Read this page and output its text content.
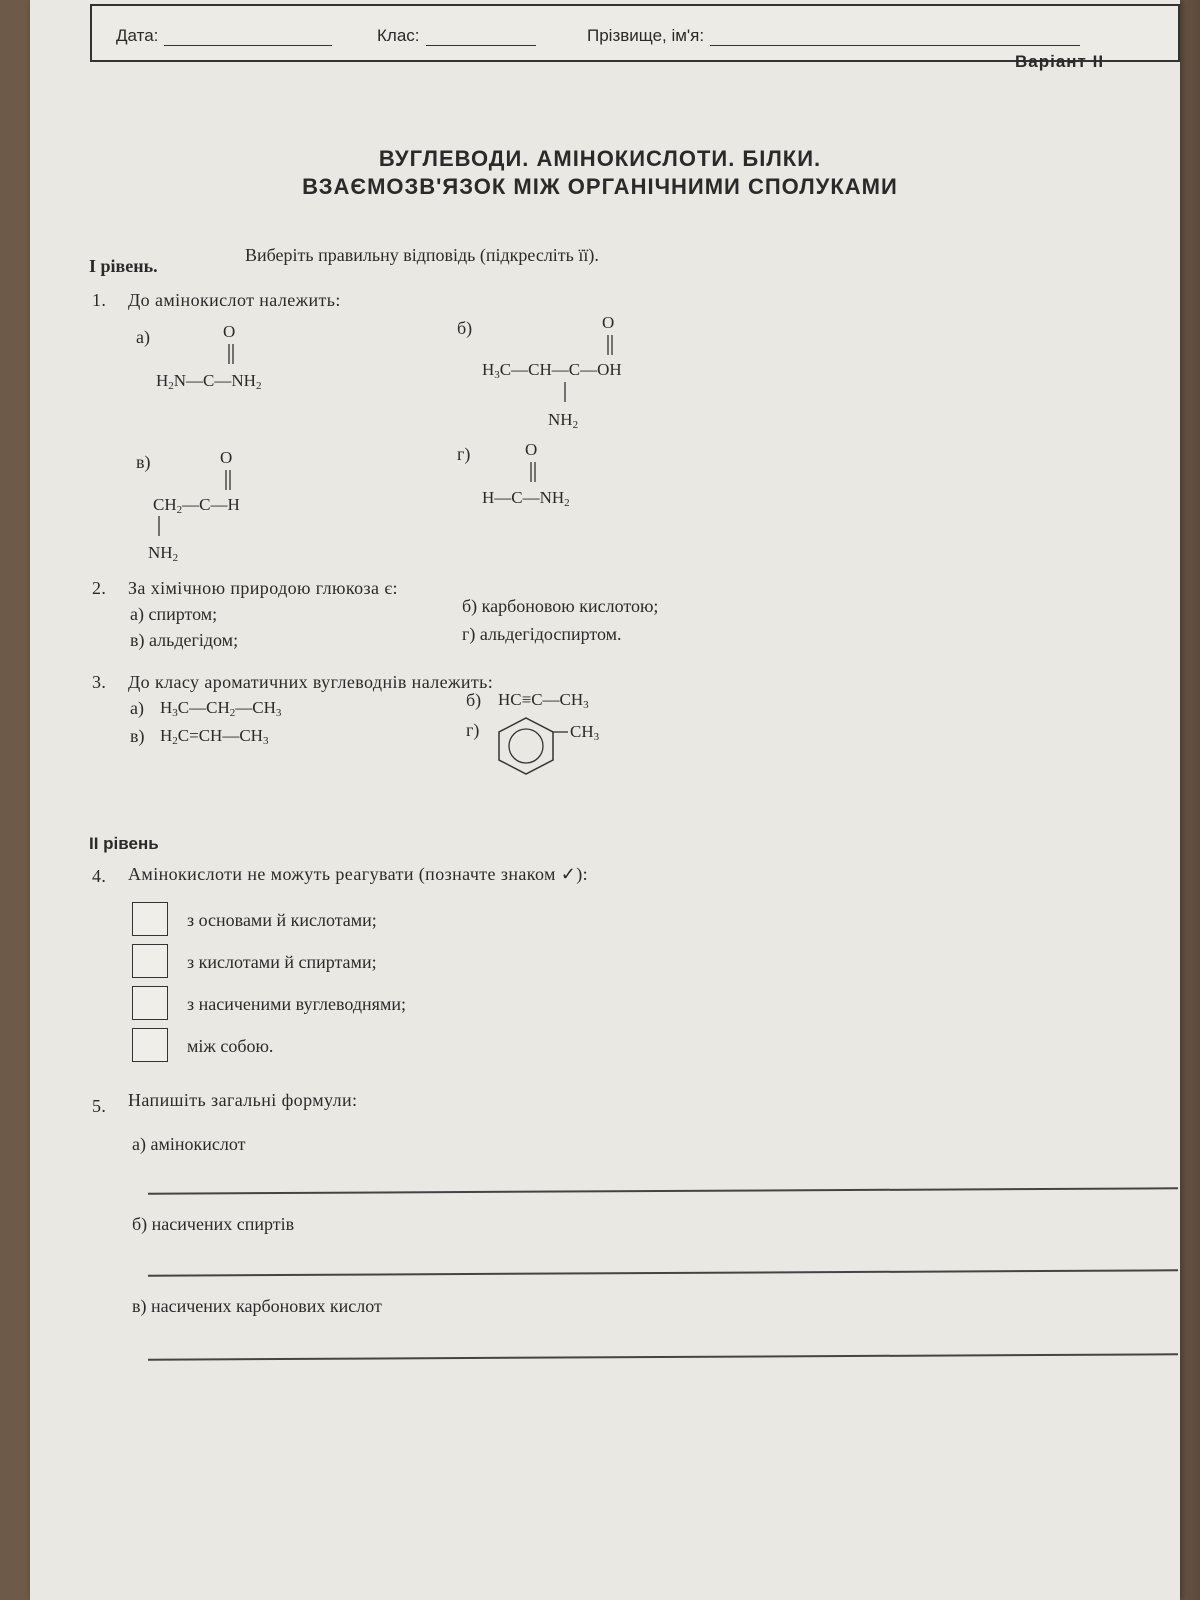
Дата:	Клас:	Прізвище, ім'я:
Варіант II
ВУГЛЕВОДИ. АМІНОКИСЛОТИ. БІЛКИ.
ВЗАЄМОЗВ'ЯЗОК МІЖ ОРГАНІЧНИМИ СПОЛУКАМИ
І рівень.
Виберіть правильну відповідь (підкресліть її).
1. До амінокислот належить:
а)	б)
в)	г)
O
$H_2N—C—NH_2$
O
$H_3C—CH—C—OH$
$NH_2$
O
$CH_2—C—H$
$NH_2$
O
$H—C—NH_2$
2. За хімічною природою глюкоза є:
а) спиртом;	б) карбоновою кислотою;
в) альдегідом;	г) альдегідоспиртом.
3. До класу ароматичних вуглеводнів належить:
а) $H_3C—CH_2—CH_3$
б) $HC\equiv C—CH_3$
в) $H_2C=CH—CH_3$
г)	$CH_3$
ІІ рівень
4. Амінокислоти не можуть реагувати (позначте знаком ✓):
з основами й кислотами;
з кислотами й спиртами;
з насиченими вуглеводнями;
між собою.
5. Напишіть загальні формули:
а) амінокислот
б) насичених спиртів
в) насичених карбонових кислот
